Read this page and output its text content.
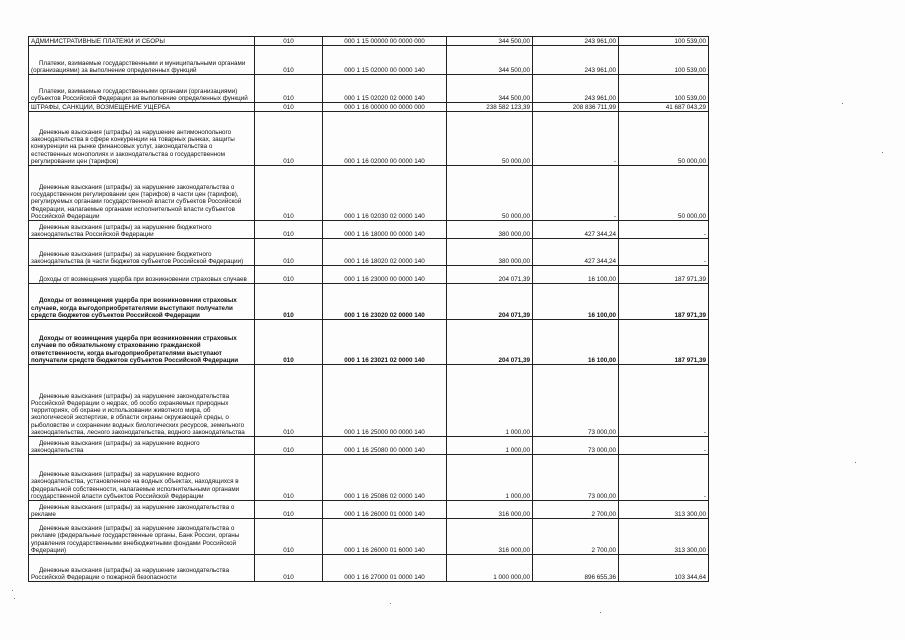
АДМИНИСТРАТИВНЫЕ ПЛАТЕЖИ И СБОРЫ	010	000 1 15 00000 00 0000 000	344 500,00	243 961,00	100 539,00

Платежи, взимаемые государственными и муниципальными органами (организациями) за выполнение определенных функций	010	000 1 15 02000 00 0000 140	344 500,00	243 961,00	100 539,00

Платежи, взимаемые государственными органами (организациями) субъектов Российской Федерации за выполнение определенных функций	010	000 1 15 02020 02 0000 140	344 500,00	243 961,00	100 539,00

ШТРАФЫ, САНКЦИИ, ВОЗМЕЩЕНИЕ УЩЕРБА	010	000 1 16 00000 00 0000 000	238 582 123,39	208 836 711,99	41 687 043,29

Денежные взыскания (штрафы) за нарушение антимонопольного законодательства в сфере конкуренции на товарных рынках, защиты конкуренции на рынке финансовых услуг, законодательства о естественных монополиях и законодательства о государственном регулировании цен (тарифов)	010	000 1 16 02000 00 0000 140	50 000,00	-	50 000,00

Денежные взыскания (штрафы) за нарушение законодательства о государственном регулировании цен (тарифов) в части цен (тарифов), регулируемых органами государственной власти субъектов Российской Федерации, налагаемые органами исполнительной власти субъектов Российской Федерации	010	000 1 16 02030 02 0000 140	50 000,00	-	50 000,00

Денежные взыскания (штрафы) за нарушение бюджетного законодательства Российской Федерации	010	000 1 16 18000 00 0000 140	380 000,00	427 344,24	-

Денежные взыскания (штрафы) за нарушение бюджетного законодательства (в части бюджетов субъектов Российской Федерации)	010	000 1 16 18020 02 0000 140	380 000,00	427 344,24	-

Доходы от возмещения ущерба при возникновении страховых случаев	010	000 1 16 23000 00 0000 140	204 071,39	16 100,00	187 971,39

Доходы от возмещения ущерба при возникновении страховых случаев, когда выгодоприобретателями выступают получатели средств бюджетов субъектов Российской Федерации	010	000 1 16 23020 02 0000 140	204 071,39	16 100,00	187 971,39

Доходы от возмещения ущерба при возникновении страховых случаев по обязательному страхованию гражданской ответственности, когда выгодоприобретателями выступают получатели средств бюджетов субъектов Российской Федерации	010	000 1 16 23021 02 0000 140	204 071,39	16 100,00	187 971,39

Денежные взыскания (штрафы) за нарушение законодательства Российской Федерации о недрах, об особо охраняемых природных территориях, об охране и использовании животного мира, об экологической экспертизе, в области охраны окружающей среды, о рыболовстве и сохранении водных биологических ресурсов, земельного законодательства, лесного законодательства, водного законодательства	010	000 1 16 25000 00 0000 140	1 000,00	73 000,00	-

Денежные взыскания (штрафы) за нарушение водного законодательства	010	000 1 16 25080 00 0000 140	1 000,00	73 000,00	-

Денежные взыскания (штрафы) за нарушение водного законодательства, установленное на водных объектах, находящихся в федеральной собственности, налагаемые исполнительными органами государственной власти субъектов Российской Федерации	010	000 1 16 25086 02 0000 140	1 000,00	73 000,00	-

Денежные взыскания (штрафы) за нарушение законодательства о рекламе	010	000 1 16 26000 01 0000 140	316 000,00	2 700,00	313 300,00

Денежные взыскания (штрафы) за нарушение законодательства о рекламе (федеральные государственные органы, Банк России, органы управления государственными внебюджетными фондами Российской Федерации)	010	000 1 16 26000 01 6000 140	316 000,00	2 700,00	313 300,00

Денежные взыскания (штрафы) за нарушение законодательства Российской Федерации о пожарной безопасности	010	000 1 16 27000 01 0000 140	1 000 000,00	896 655,36	103 344,64
